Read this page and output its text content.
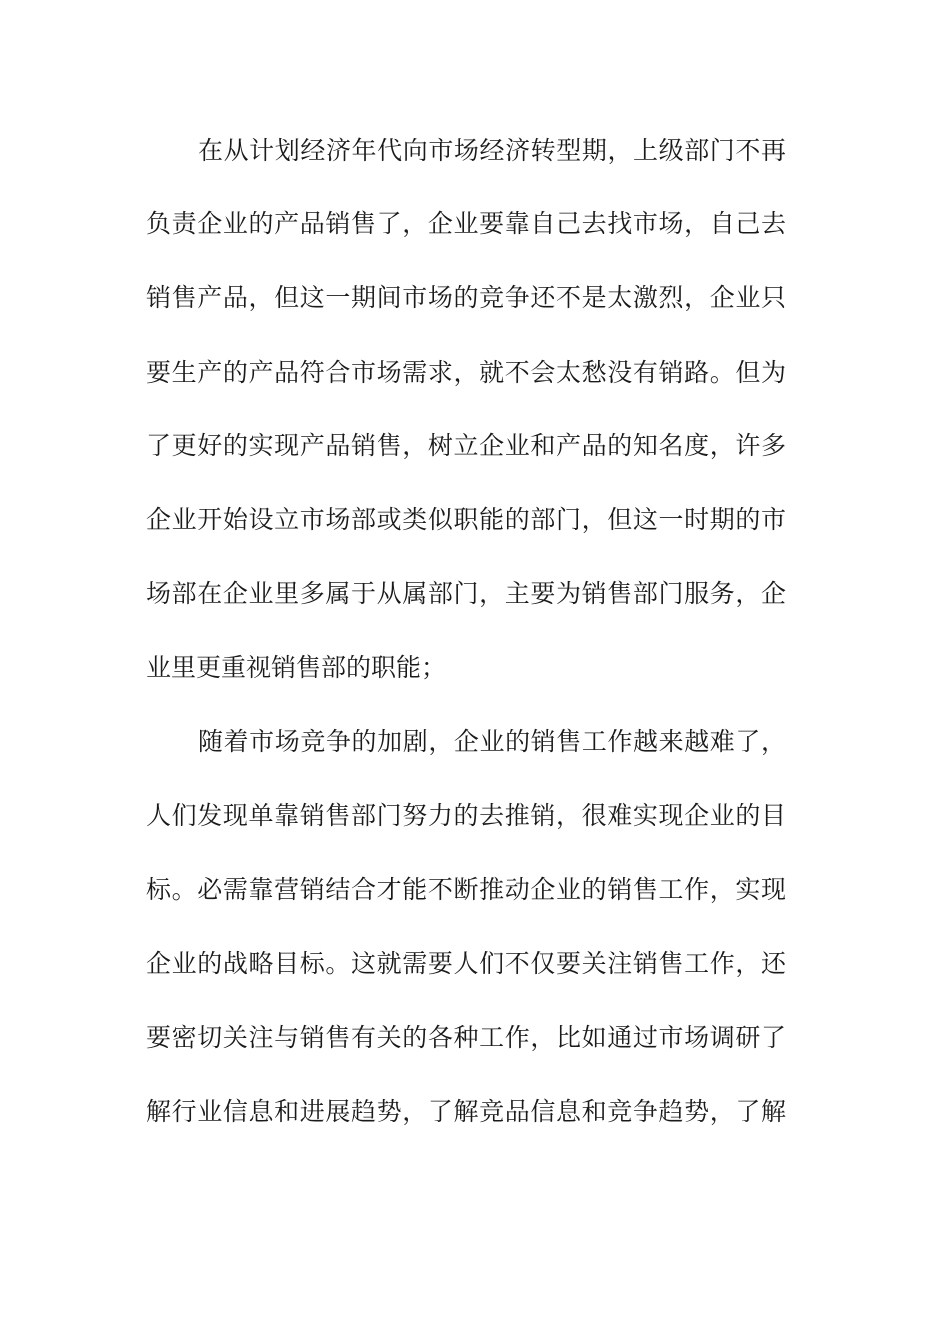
在从计划经济年代向市场经济转型期，上级部门不再
负责企业的产品销售了，企业要靠自己去找市场，自己去
销售产品，但这一期间市场的竞争还不是太激烈，企业只
要生产的产品符合市场需求，就不会太愁没有销路。但为
了更好的实现产品销售，树立企业和产品的知名度，许多
企业开始设立市场部或类似职能的部门，但这一时期的市
场部在企业里多属于从属部门，主要为销售部门服务，企
业里更重视销售部的职能；
随着市场竞争的加剧，企业的销售工作越来越难了，
人们发现单靠销售部门努力的去推销，很难实现企业的目
标。必需靠营销结合才能不断推动企业的销售工作，实现
企业的战略目标。这就需要人们不仅要关注销售工作，还
要密切关注与销售有关的各种工作，比如通过市场调研了
解行业信息和进展趋势，了解竞品信息和竞争趋势，了解
